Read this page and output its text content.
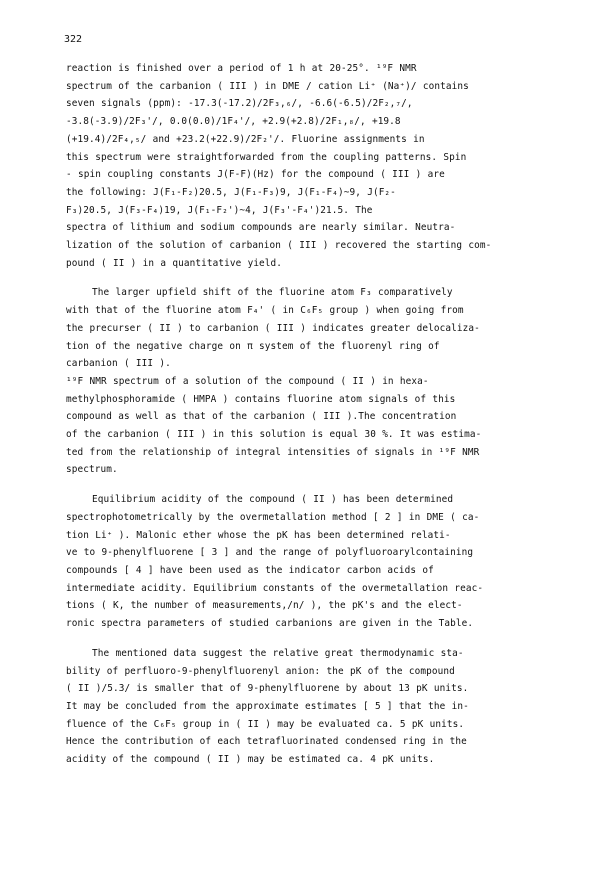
322

reaction is finished over a period of 1 h at 20-25°. ¹⁹F NMR
spectrum of the carbanion ( III ) in DME / cation Li⁺ (Na⁺)/ contains
seven signals (ppm): -17.3(-17.2)/2F₃,₆/, -6.6(-6.5)/2F₂,₇/,
-3.8(-3.9)/2F₃'/, 0.0(0.0)/1F₄'/, +2.9(+2.8)/2F₁,₈/, +19.8
(+19.4)/2F₄,₅/ and +23.2(+22.9)/2F₂'/. Fluorine assignments in
this spectrum were straightforwarded from the coupling patterns. Spin
- spin coupling constants J(F-F)(Hz) for the compound ( III ) are
the following: J(F₁-F₂)20.5, J(F₁-F₃)9, J(F₁-F₄)~9, J(F₂-
F₃)20.5, J(F₃-F₄)19, J(F₁-F₂')~4, J(F₃'-F₄')21.5. The
spectra of lithium and sodium compounds are nearly similar. Neutra-
lization of the solution of carbanion ( III ) recovered the starting com-
pound ( II ) in a quantitative yield.

The larger upfield shift of the fluorine atom F₃ comparatively
with that of the fluorine atom F₄' ( in C₆F₅ group ) when going from
the precurser ( II ) to carbanion ( III ) indicates greater delocaliza-
tion of the negative charge on π system of the fluorenyl ring of
carbanion ( III ).
¹⁹F NMR spectrum of a solution of the compound ( II ) in hexa-
methylphosphoramide ( HMPA ) contains fluorine atom signals of this
compound as well as that of the carbanion ( III ).The concentration
of the carbanion ( III ) in this solution is equal 30 %. It was estima-
ted from the relationship of integral intensities of signals in ¹⁹F NMR
spectrum.

Equilibrium acidity of the compound ( II ) has been determined
spectrophotometrically by the overmetallation method [ 2 ] in DME ( ca-
tion Li⁺ ). Malonic ether whose the pK has been determined relati-
ve to 9-phenylfluorene [ 3 ] and the range of polyfluoroarylcontaining
compounds [ 4 ] have been used as the indicator carbon acids of
intermediate acidity. Equilibrium constants of the overmetallation reac-
tions ( K, the number of measurements,/n/ ), the pK's and the elect-
ronic spectra parameters of studied carbanions are given in the Table.

The mentioned data suggest the relative great thermodynamic sta-
bility of perfluoro-9-phenylfluorenyl anion: the pK of the compound
( II )/5.3/ is smaller that of 9-phenylfluorene by about 13 pK units.
It may be concluded from the approximate estimates [ 5 ] that the in-
fluence of the C₆F₅ group in ( II ) may be evaluated ca. 5 pK units.
Hence the contribution of each tetrafluorinated condensed ring in the
acidity of the compound ( II ) may be estimated ca. 4 pK units.
